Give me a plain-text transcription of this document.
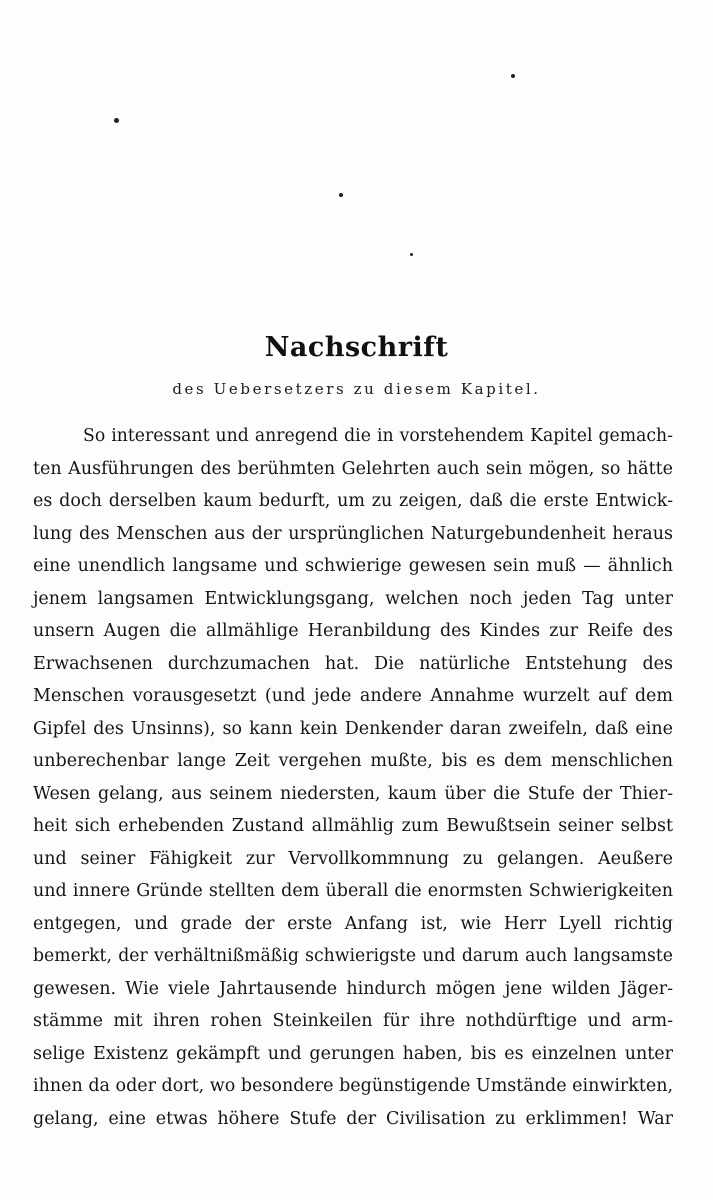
Nachschrift
des Uebersetzers zu diesem Kapitel.
So interessant und anregend die in vorstehendem Kapitel gemach-
ten Ausführungen des berühmten Gelehrten auch sein mögen, so hätte
es doch derselben kaum bedurft, um zu zeigen, daß die erste Entwick-
lung des Menschen aus der ursprünglichen Naturgebundenheit heraus
eine unendlich langsame und schwierige gewesen sein muß — ähnlich
jenem langsamen Entwicklungsgang, welchen noch jeden Tag unter
unsern Augen die allmählige Heranbildung des Kindes zur Reife des
Erwachsenen durchzumachen hat. Die natürliche Entstehung des
Menschen vorausgesetzt (und jede andere Annahme wurzelt auf dem
Gipfel des Unsinns), so kann kein Denkender daran zweifeln, daß eine
unberechenbar lange Zeit vergehen mußte, bis es dem menschlichen
Wesen gelang, aus seinem niedersten, kaum über die Stufe der Thier-
heit sich erhebenden Zustand allmählig zum Bewußtsein seiner selbst
und seiner Fähigkeit zur Vervollkommnung zu gelangen. Aeußere
und innere Gründe stellten dem überall die enormsten Schwierigkeiten
entgegen, und grade der erste Anfang ist, wie Herr Lyell richtig
bemerkt, der verhältnißmäßig schwierigste und darum auch langsamste
gewesen. Wie viele Jahrtausende hindurch mögen jene wilden Jäger-
stämme mit ihren rohen Steinkeilen für ihre nothdürftige und arm-
selige Existenz gekämpft und gerungen haben, bis es einzelnen unter
ihnen da oder dort, wo besondere begünstigende Umstände einwirkten,
gelang, eine etwas höhere Stufe der Civilisation zu erklimmen! War
